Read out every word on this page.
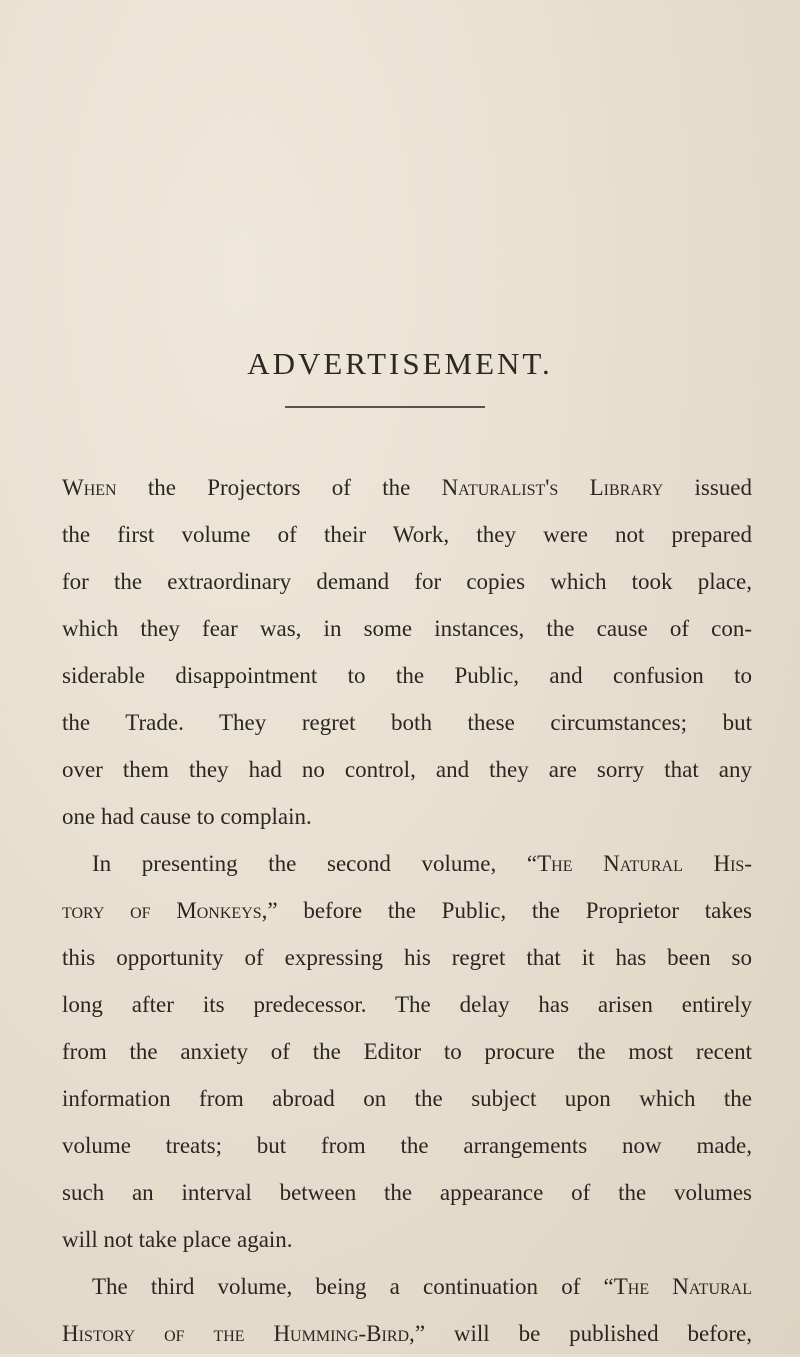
ADVERTISEMENT.
When the Projectors of the Naturalist's Library issued
the first volume of their Work, they were not prepared
for the extraordinary demand for copies which took place,
which they fear was, in some instances, the cause of con-
siderable disappointment to the Public, and confusion to
the Trade. They regret both these circumstances; but
over them they had no control, and they are sorry that any
one had cause to complain.
In presenting the second volume, “The Natural His-
tory of Monkeys,” before the Public, the Proprietor takes
this opportunity of expressing his regret that it has been so
long after its predecessor. The delay has arisen entirely
from the anxiety of the Editor to procure the most recent
information from abroad on the subject upon which the
volume treats; but from the arrangements now made,
such an interval between the appearance of the volumes
will not take place again.
The third volume, being a continuation of “The Natural
History of the Humming-Bird,” will be published before,
